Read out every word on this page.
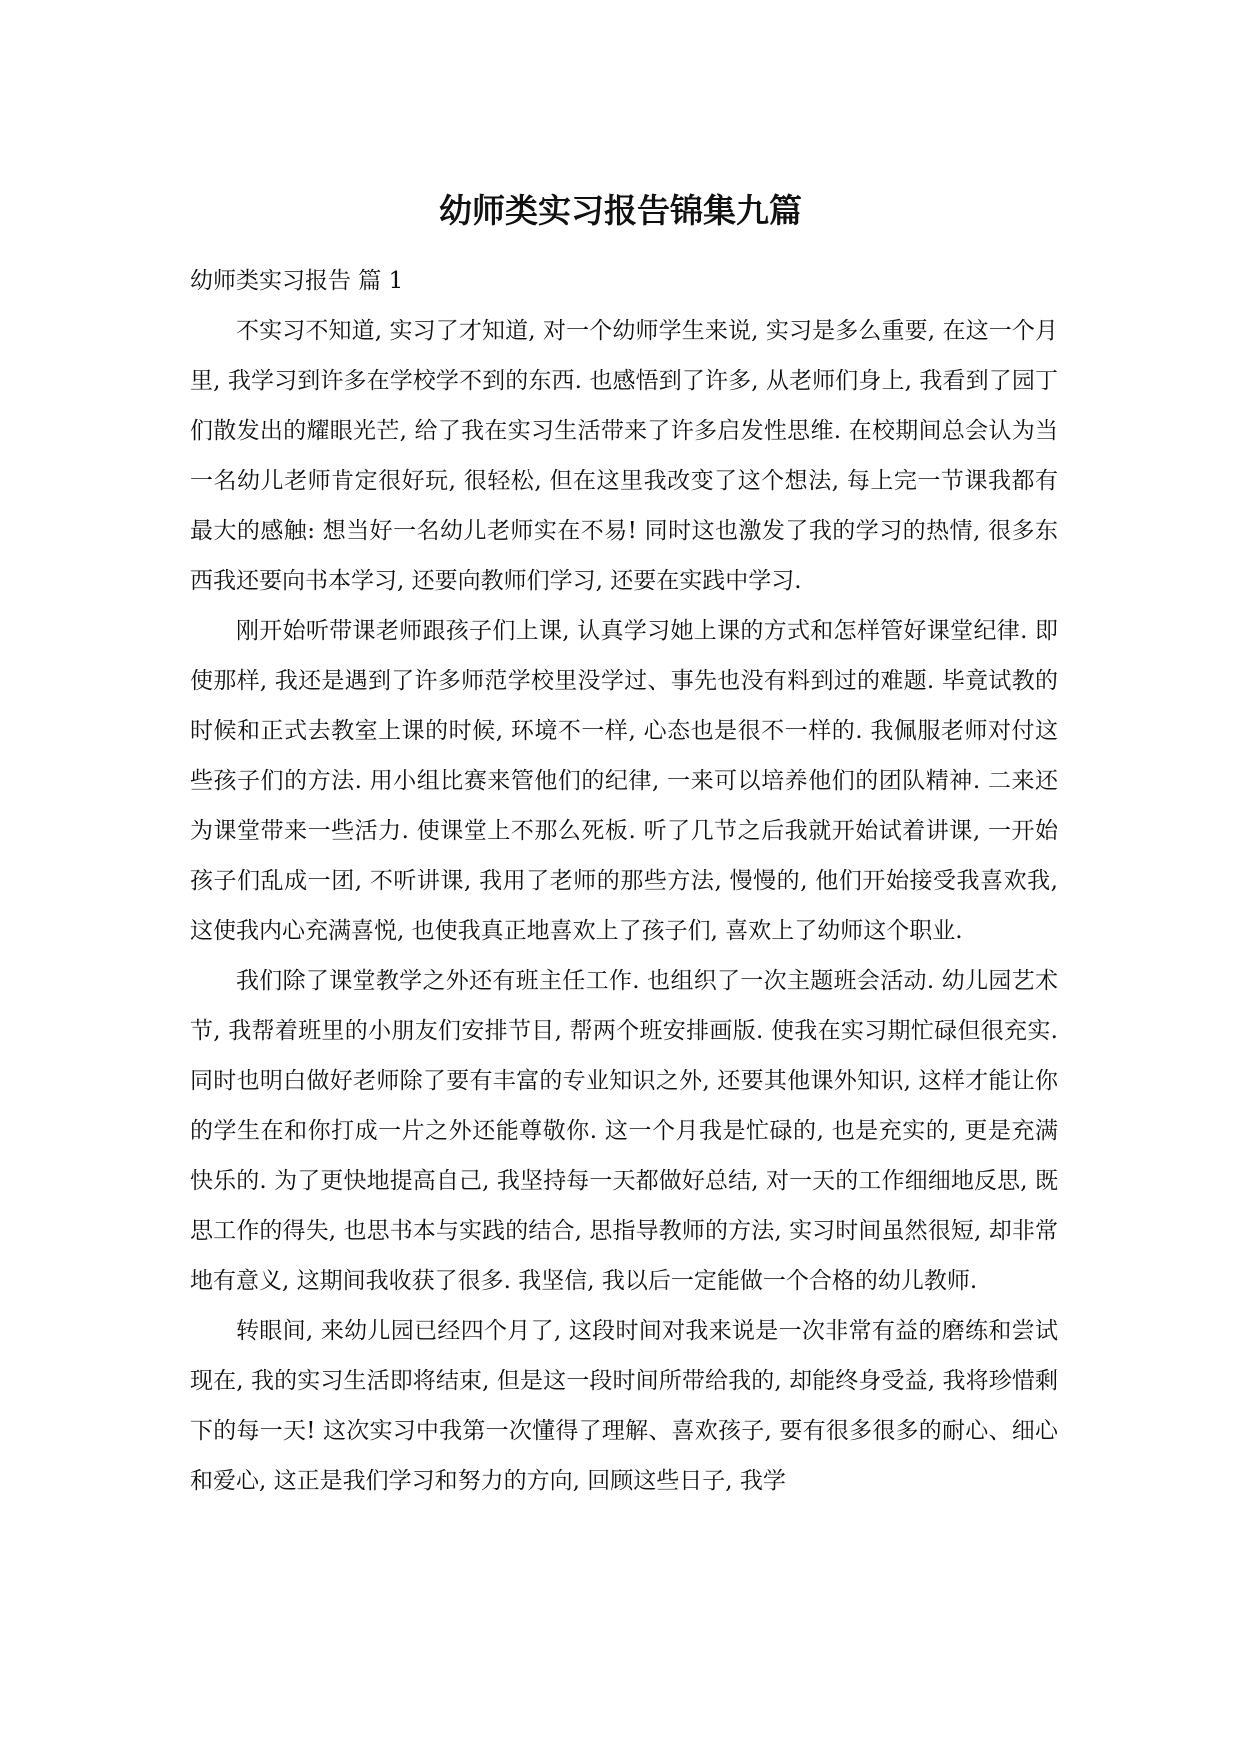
幼师类实习报告锦集九篇

幼师类实习报告 篇 1

不实习不知道, 实习了才知道, 对一个幼师学生来说, 实习是多么重要, 在这一个月里, 我学习到许多在学校学不到的东西. 也感悟到了许多, 从老师们身上, 我看到了园丁们散发出的耀眼光芒, 给了我在实习生活带来了许多启发性思维. 在校期间总会认为当一名幼儿老师肯定很好玩, 很轻松, 但在这里我改变了这个想法, 每上完一节课我都有最大的感触: 想当好一名幼儿老师实在不易! 同时这也激发了我的学习的热情, 很多东西我还要向书本学习, 还要向教师们学习, 还要在实践中学习.

刚开始听带课老师跟孩子们上课, 认真学习她上课的方式和怎样管好课堂纪律. 即使那样, 我还是遇到了许多师范学校里没学过、事先也没有料到过的难题. 毕竟试教的时候和正式去教室上课的时候, 环境不一样, 心态也是很不一样的. 我佩服老师对付这些孩子们的方法. 用小组比赛来管他们的纪律, 一来可以培养他们的团队精神. 二来还为课堂带来一些活力. 使课堂上不那么死板. 听了几节之后我就开始试着讲课, 一开始孩子们乱成一团, 不听讲课, 我用了老师的那些方法, 慢慢的, 他们开始接受我喜欢我, 这使我内心充满喜悦, 也使我真正地喜欢上了孩子们, 喜欢上了幼师这个职业.

我们除了课堂教学之外还有班主任工作. 也组织了一次主题班会活动. 幼儿园艺术节, 我帮着班里的小朋友们安排节目, 帮两个班安排画版. 使我在实习期忙碌但很充实. 同时也明白做好老师除了要有丰富的专业知识之外, 还要其他课外知识, 这样才能让你的学生在和你打成一片之外还能尊敬你. 这一个月我是忙碌的, 也是充实的, 更是充满快乐的. 为了更快地提高自己, 我坚持每一天都做好总结, 对一天的工作细细地反思, 既思工作的得失, 也思书本与实践的结合, 思指导教师的方法, 实习时间虽然很短, 却非常地有意义, 这期间我收获了很多. 我坚信, 我以后一定能做一个合格的幼儿教师.

转眼间, 来幼儿园已经四个月了, 这段时间对我来说是一次非常有益的磨练和尝试现在, 我的实习生活即将结束, 但是这一段时间所带给我的, 却能终身受益, 我将珍惜剩下的每一天! 这次实习中我第一次懂得了理解、喜欢孩子, 要有很多很多的耐心、细心和爱心, 这正是我们学习和努力的方向, 回顾这些日子, 我学
